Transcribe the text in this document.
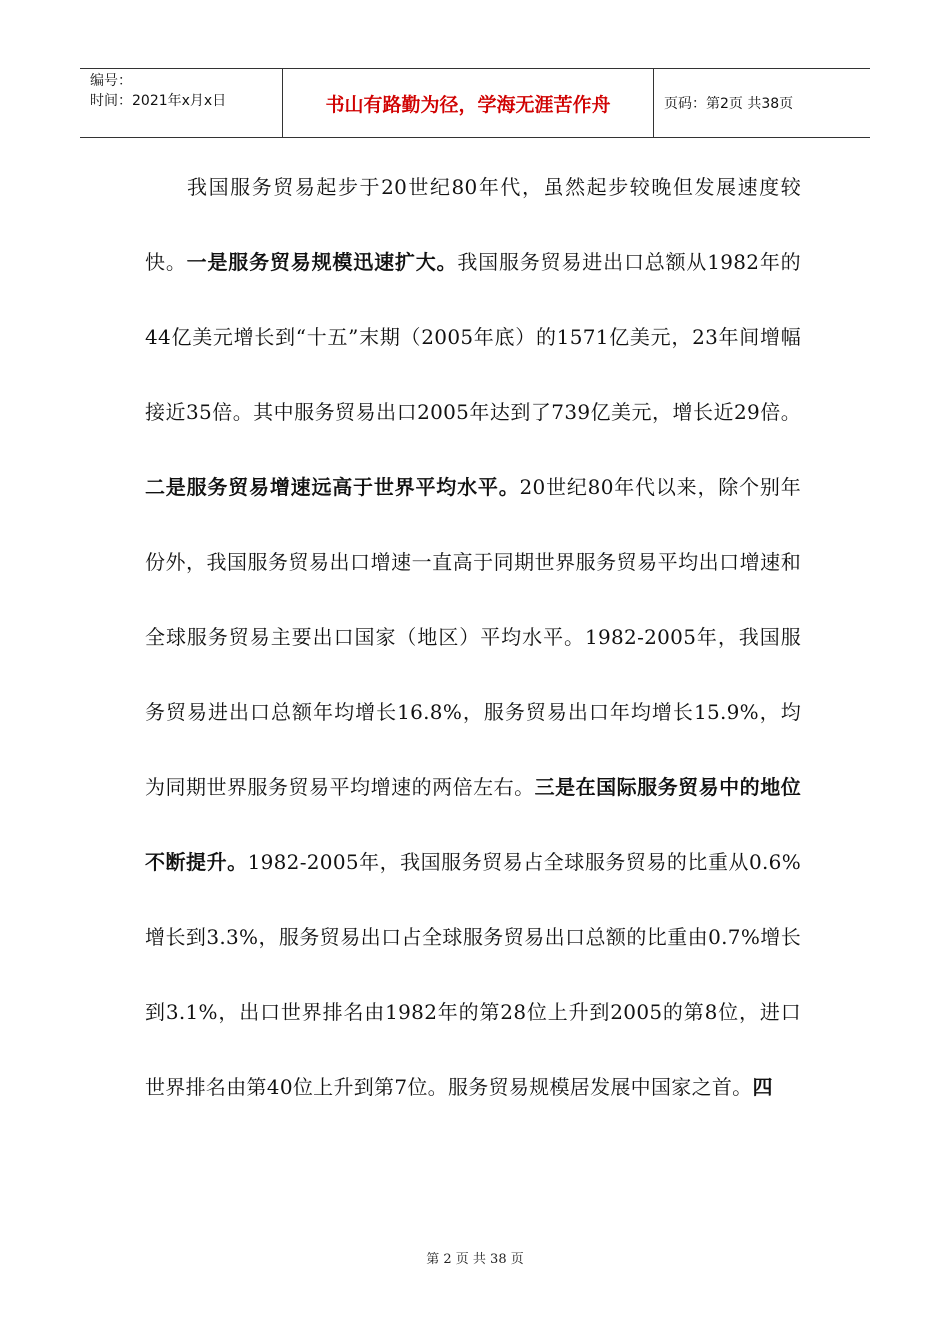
编号：
时间：2021年x月x日	书山有路勤为径，学海无涯苦作舟	页码：第2页 共38页

我国服务贸易起步于20世纪80年代，虽然起步较晚但发展速度较快。一是服务贸易规模迅速扩大。我国服务贸易进出口总额从1982年的44亿美元增长到“十五”末期（2005年底）的1571亿美元，23年间增幅接近35倍。其中服务贸易出口2005年达到了739亿美元，增长近29倍。二是服务贸易增速远高于世界平均水平。20世纪80年代以来，除个别年份外，我国服务贸易出口增速一直高于同期世界服务贸易平均出口增速和全球服务贸易主要出口国家（地区）平均水平。1982-2005年，我国服务贸易进出口总额年均增长16.8%，服务贸易出口年均增长15.9%，均为同期世界服务贸易平均增速的两倍左右。三是在国际服务贸易中的地位不断提升。1982-2005年，我国服务贸易占全球服务贸易的比重从0.6%增长到3.3%，服务贸易出口占全球服务贸易出口总额的比重由0.7%增长到3.1%，出口世界排名由1982年的第28位上升到2005的第8位，进口世界排名由第40位上升到第7位。服务贸易规模居发展中国家之首。四

第 2 页 共 38 页
